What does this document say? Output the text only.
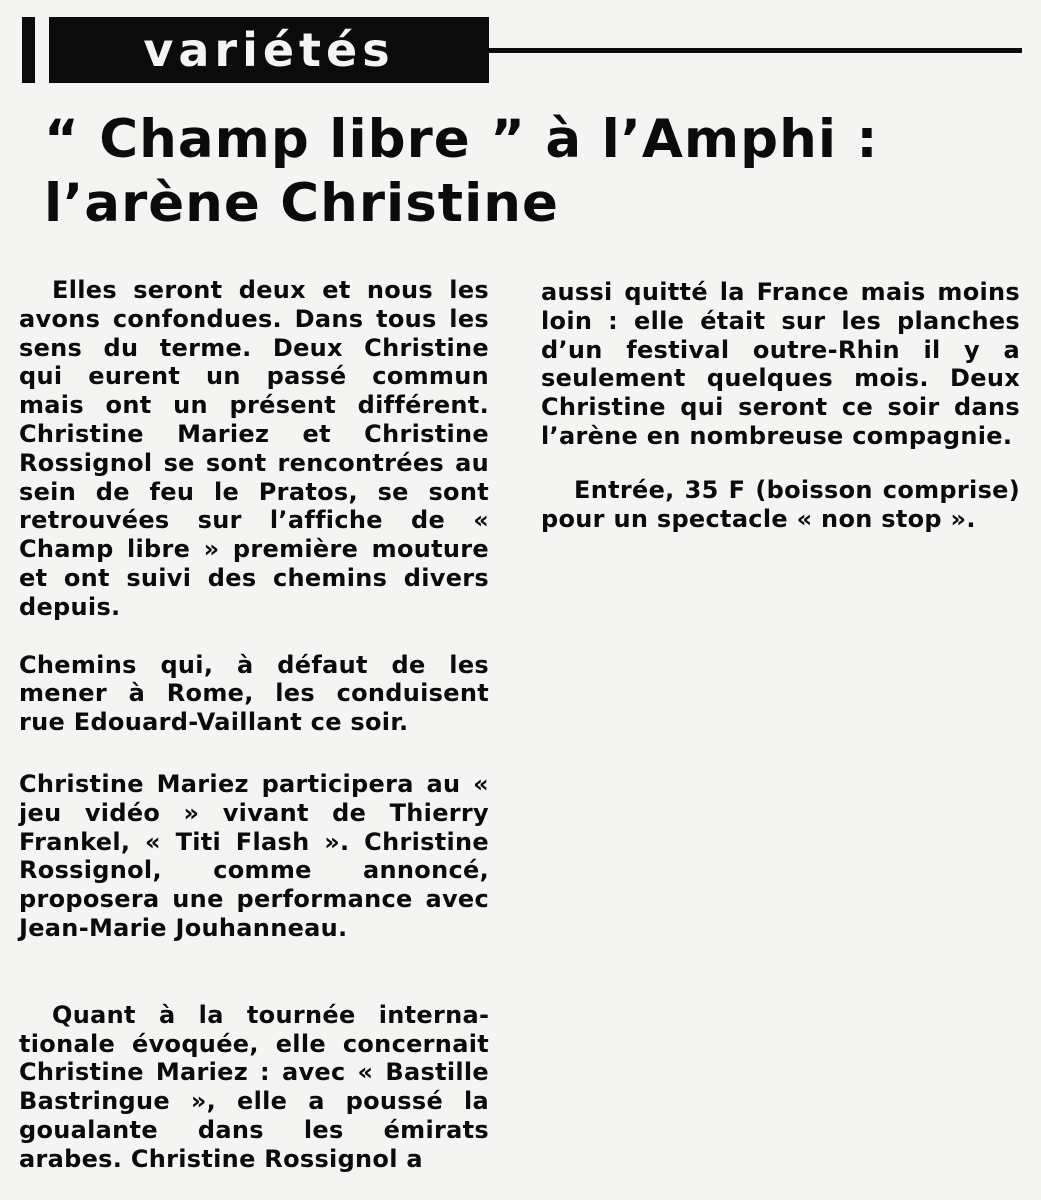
variétés
“ Champ libre ” à l’Amphi :
l’arène Christine

Elles seront deux et nous les avons confondues. Dans tous les sens du terme. Deux Christine qui eurent un passé commun mais ont un présent différent. Christine Mariez et Christine Rossignol se sont rencontrées au sein de feu le Pratos, se sont retrouvées sur l’affiche de « Champ libre » première mouture et ont suivi des chemins divers depuis.

Chemins qui, à défaut de les mener à Rome, les conduisent rue Edouard-Vaillant ce soir.

Christine Mariez participera au « jeu vidéo » vivant de Thierry Frankel, « Titi Flash ». Christine Rossignol, comme annoncé, proposera une performance avec Jean-Marie Jouhanneau.

Quant à la tournée internationale évoquée, elle concernait Christine Mariez : avec « Bastille Bastringue », elle a poussé la goualante dans les émirats arabes. Christine Rossignol a

aussi quitté la France mais moins loin : elle était sur les planches d’un festival outre-Rhin il y a seulement quelques mois. Deux Christine qui seront ce soir dans l’arène en nombreuse compagnie.

Entrée, 35 F (boisson comprise) pour un spectacle « non stop ».
